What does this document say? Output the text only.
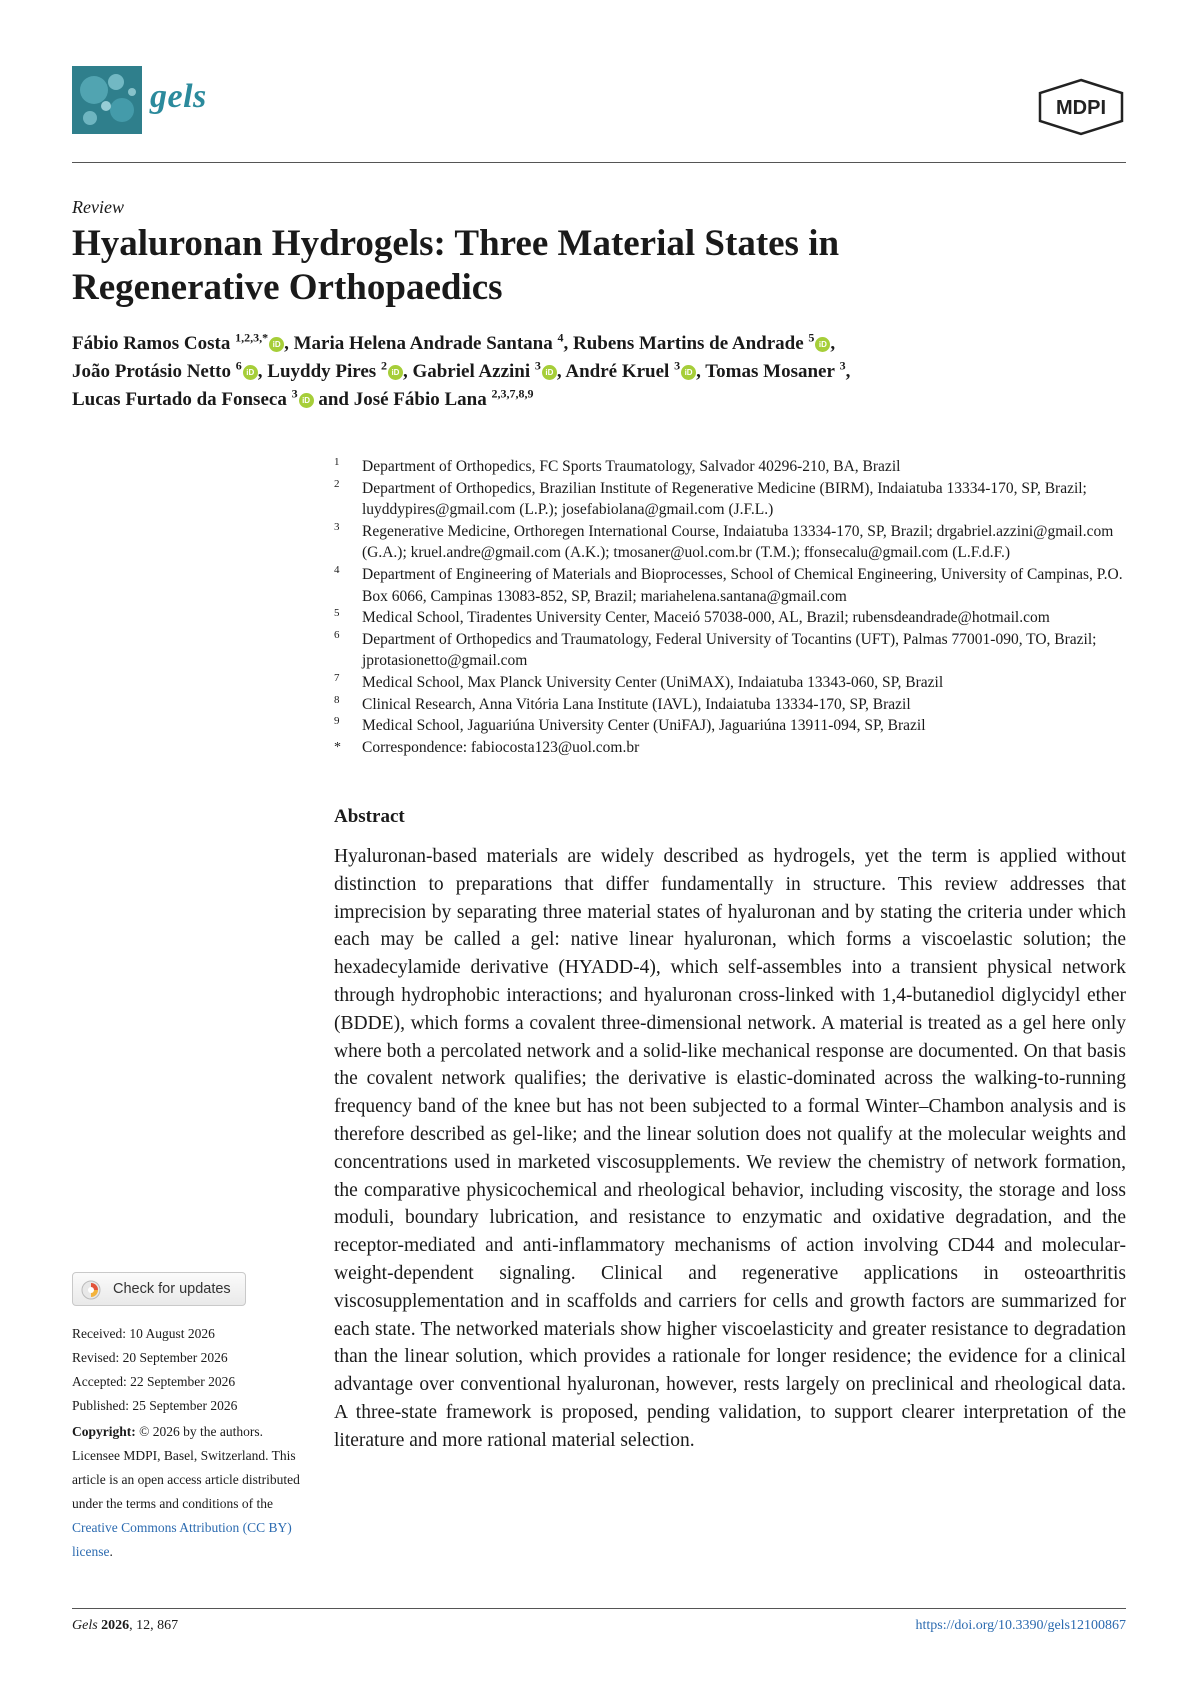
gels	MDPI
Review
Hyaluronan Hydrogels: Three Material States in Regenerative Orthopaedics
Fábio Ramos Costa $^{1,2,3,*}$ iD , Maria Helena Andrade Santana $^4$, Rubens Martins de Andrade $^5$ iD ,
João Protásio Netto $^6$ iD , Luyddy Pires $^2$ iD , Gabriel Azzini $^3$ iD , André Kruel $^3$ iD , Tomas Mosaner $^3$,
Lucas Furtado da Fonseca $^3$ iD and José Fábio Lana $^{2,3,7,8,9}$
1 Department of Orthopedics, FC Sports Traumatology, Salvador 40296-210, BA, Brazil
2 Department of Orthopedics, Brazilian Institute of Regenerative Medicine (BIRM), Indaiatuba 13334-170, SP, Brazil; luyddypires@gmail.com (L.P.); josefabiolana@gmail.com (J.F.L.)
3 Regenerative Medicine, Orthoregen International Course, Indaiatuba 13334-170, SP, Brazil; drgabriel.azzini@gmail.com (G.A.); kruel.andre@gmail.com (A.K.); tmosaner@uol.com.br (T.M.); ffonsecalu@gmail.com (L.F.d.F.)
4 Department of Engineering of Materials and Bioprocesses, School of Chemical Engineering, University of Campinas, P.O. Box 6066, Campinas 13083-852, SP, Brazil; mariahelena.santana@gmail.com
5 Medical School, Tiradentes University Center, Maceió 57038-000, AL, Brazil; rubensdeandrade@hotmail.com
6 Department of Orthopedics and Traumatology, Federal University of Tocantins (UFT), Palmas 77001-090, TO, Brazil; jprotasionetto@gmail.com
7 Medical School, Max Planck University Center (UniMAX), Indaiatuba 13343-060, SP, Brazil
8 Clinical Research, Anna Vitória Lana Institute (IAVL), Indaiatuba 13334-170, SP, Brazil
9 Medical School, Jaguariúna University Center (UniFAJ), Jaguariúna 13911-094, SP, Brazil
* Correspondence: fabiocosta123@uol.com.br
Abstract

Hyaluronan-based materials are widely described as hydrogels, yet the term is applied without distinction to preparations that differ fundamentally in structure. This review addresses that imprecision by separating three material states of hyaluronan and by stating the criteria under which each may be called a gel: native linear hyaluronan, which forms a viscoelastic solution; the hexadecylamide derivative (HYADD-4), which self-assembles into a transient physical network through hydrophobic interactions; and hyaluronan cross-linked with 1,4-butanediol diglycidyl ether (BDDE), which forms a covalent three-dimensional network. A material is treated as a gel here only where both a percolated network and a solid-like mechanical response are documented. On that basis the covalent network qualifies; the derivative is elastic-dominated across the walking-to-running frequency band of the knee but has not been subjected to a formal Winter–Chambon analysis and is therefore described as gel-like; and the linear solution does not qualify at the molecular weights and concentrations used in marketed viscosupplements. We review the chemistry of network formation, the comparative physicochemical and rheological behavior, including viscosity, the storage and loss moduli, boundary lubrication, and resistance to enzymatic and oxidative degradation, and the receptor-mediated and anti-inflammatory mechanisms of action involving CD44 and molecular-weight-dependent signaling. Clinical and regenerative applications in osteoarthritis viscosupplementation and in scaffolds and carriers for cells and growth factors are summarized for each state. The networked materials show higher viscoelasticity and greater resistance to degradation than the linear solution, which provides a rationale for longer residence; the evidence for a clinical advantage over conventional hyaluronan, however, rests largely on preclinical and rheological data. A three-state framework is proposed, pending validation, to support clearer interpretation of the literature and more rational material selection.

Check for updates
Received: 10 August 2026
Revised: 20 September 2026
Accepted: 22 September 2026
Published: 25 September 2026
Copyright: © 2026 by the authors. Licensee MDPI, Basel, Switzerland. This article is an open access article distributed under the terms and conditions of the Creative Commons Attribution (CC BY) license.
Gels 2026, 12, 867	https://doi.org/10.3390/gels12100867
